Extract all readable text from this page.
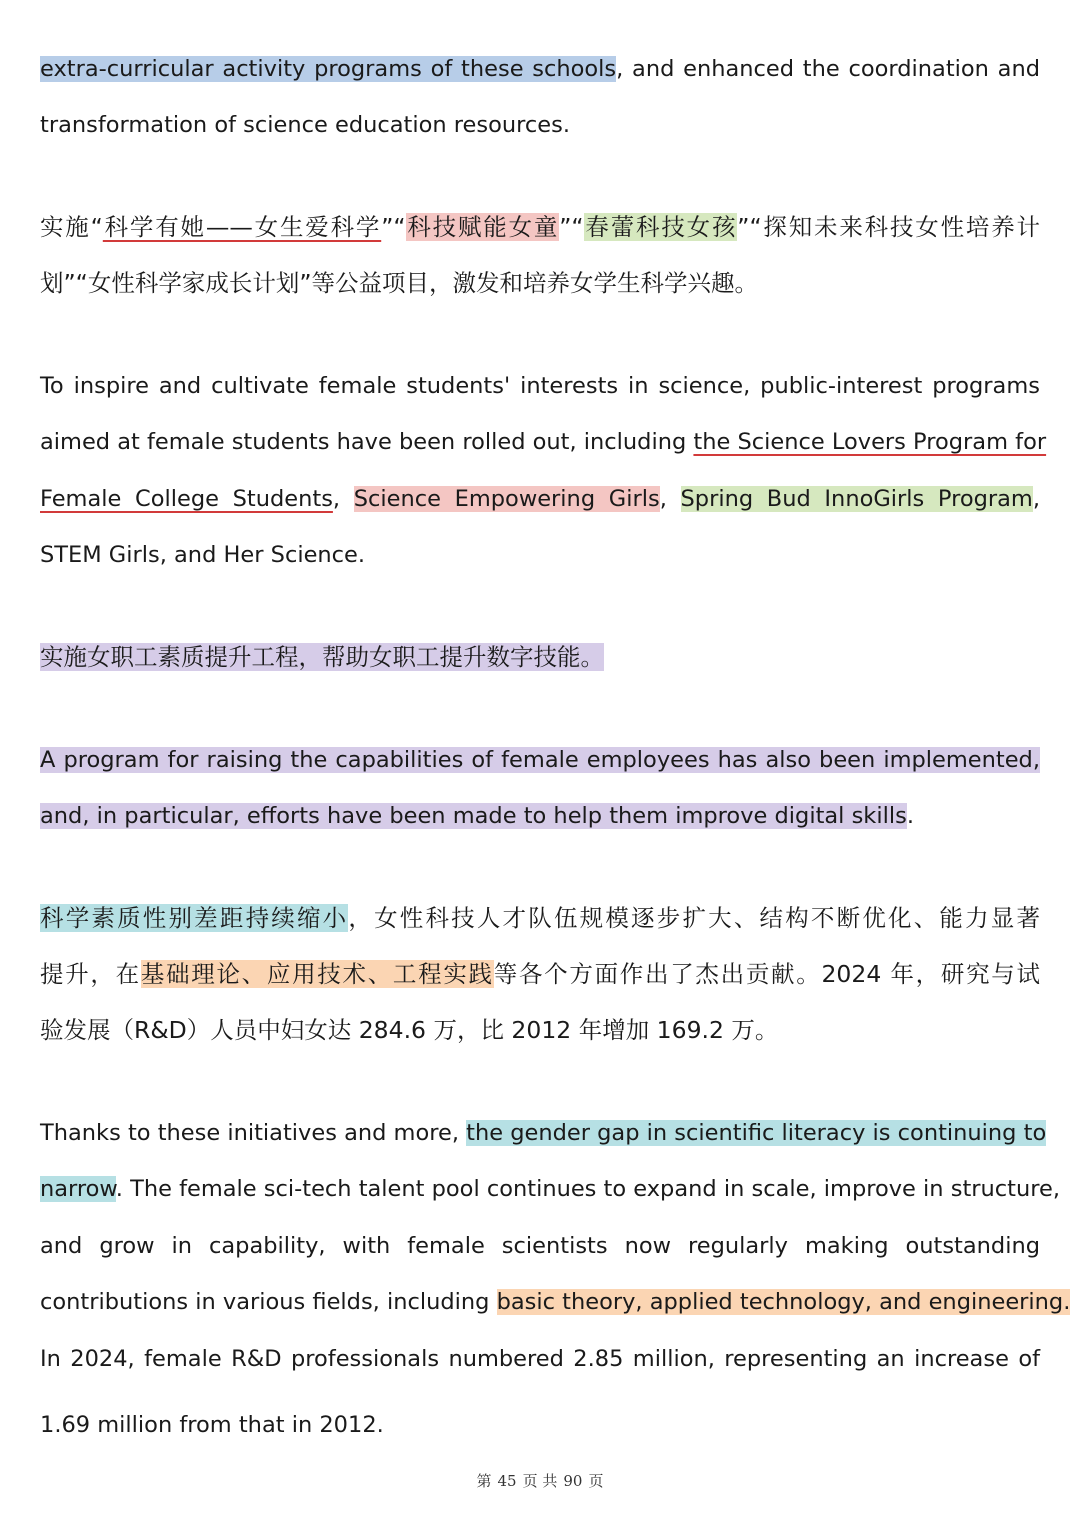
extra-curricular activity programs of these schools, and enhanced the coordination and
transformation of science education resources.
实施“科学有她——女生爱科学”“科技赋能女童”“春蕾科技女孩”“探知未来科技女性培养计
划”“女性科学家成长计划”等公益项目，激发和培养女学生科学兴趣。
To inspire and cultivate female students' interests in science, public-interest programs
aimed at female students have been rolled out, including the Science Lovers Program for
Female College Students, Science Empowering Girls, Spring Bud InnoGirls Program,
STEM Girls, and Her Science.
实施女职工素质提升工程，帮助女职工提升数字技能。
A program for raising the capabilities of female employees has also been implemented,
and, in particular, efforts have been made to help them improve digital skills.
科学素质性别差距持续缩小，女性科技人才队伍规模逐步扩大、结构不断优化、能力显著
提升，在基础理论、应用技术、工程实践等各个方面作出了杰出贡献。2024 年，研究与试
验发展（R&D）人员中妇女达 284.6 万，比 2012 年增加 169.2 万。
Thanks to these initiatives and more, the gender gap in scientific literacy is continuing to
narrow. The female sci-tech talent pool continues to expand in scale, improve in structure,
and grow in capability, with female scientists now regularly making outstanding
contributions in various fields, including basic theory, applied technology, and engineering.
In 2024, female R&D professionals numbered 2.85 million, representing an increase of
1.69 million from that in 2012.
第 45 页 共 90 页
